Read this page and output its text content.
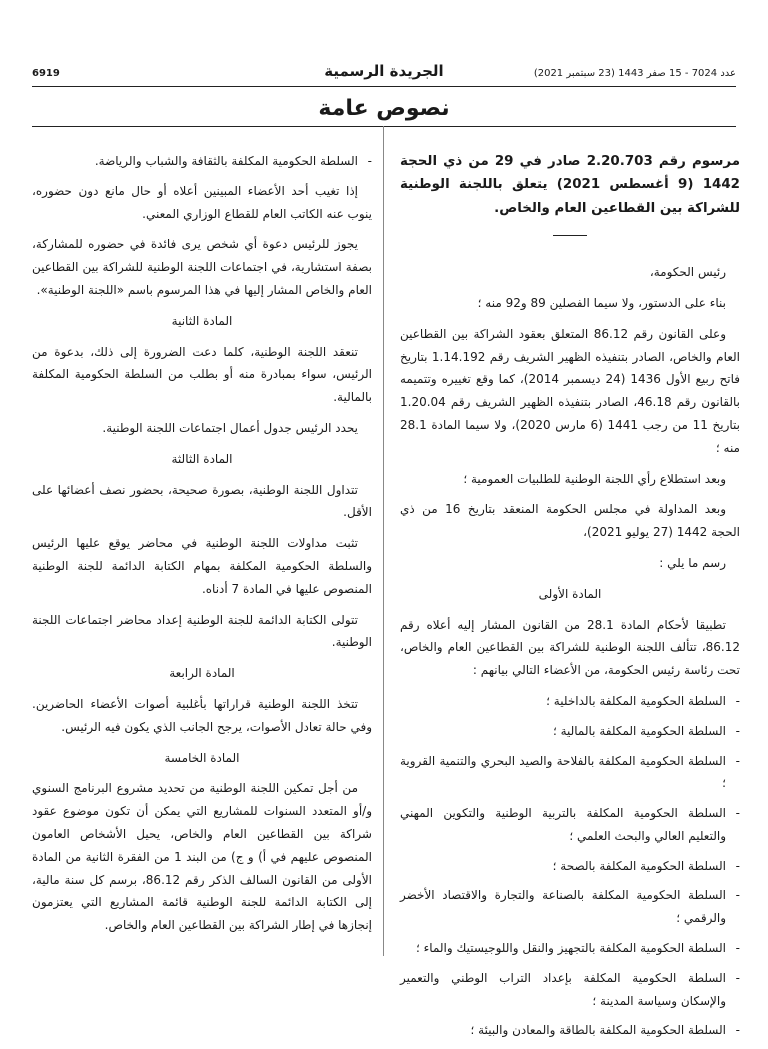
6919	الجريدة الرسمية	عدد 7024 - 15 صفر 1443 (23 سبتمبر 2021)
نصوص عامة

مرسوم رقم 2.20.703 صادر في 29 من ذي الحجة 1442 (9 أغسطس 2021) يتعلق باللجنة الوطنية للشراكة بين القطاعين العام والخاص.

رئيس الحكومة،

بناء على الدستور، ولا سيما الفصلين 89 و92 منه ؛

وعلى القانون رقم 86.12 المتعلق بعقود الشراكة بين القطاعين العام والخاص، الصادر بتنفيذه الظهير الشريف رقم 1.14.192 بتاريخ فاتح ربيع الأول 1436 (24 ديسمبر 2014)، كما وقع تغييره وتتميمه بالقانون رقم 46.18، الصادر بتنفيذه الظهير الشريف رقم 1.20.04 بتاريخ 11 من رجب 1441 (6 مارس 2020)، ولا سيما المادة 28.1 منه ؛

وبعد استطلاع رأي اللجنة الوطنية للطلبيات العمومية ؛

وبعد المداولة في مجلس الحكومة المنعقد بتاريخ 16 من ذي الحجة 1442 (27 يوليو 2021)،

رسم ما يلي :

المادة الأولى

تطبيقا لأحكام المادة 28.1 من القانون المشار إليه أعلاه رقم 86.12، تتألف اللجنة الوطنية للشراكة بين القطاعين العام والخاص، تحت رئاسة رئيس الحكومة، من الأعضاء التالي بيانهم :

-
السلطة الحكومية المكلفة بالداخلية ؛
-
السلطة الحكومية المكلفة بالمالية ؛
-
السلطة الحكومية المكلفة بالفلاحة والصيد البحري والتنمية القروية ؛
-
السلطة الحكومية المكلفة بالتربية الوطنية والتكوين المهني والتعليم العالي والبحث العلمي ؛
-
السلطة الحكومية المكلفة بالصحة ؛
-
السلطة الحكومية المكلفة بالصناعة والتجارة والاقتصاد الأخضر والرقمي ؛
-
السلطة الحكومية المكلفة بالتجهيز والنقل واللوجيستيك والماء ؛
-
السلطة الحكومية المكلفة بإعداد التراب الوطني والتعمير والإسكان وسياسة المدينة ؛
-
السلطة الحكومية المكلفة بالطاقة والمعادن والبيئة ؛
-
السلطة الحكومية المكلفة بالثقافة والشباب والرياضة.

إذا تغيب أحد الأعضاء المبينين أعلاه أو حال مانع دون حضوره، ينوب عنه الكاتب العام للقطاع الوزاري المعني.

يجوز للرئيس دعوة أي شخص يرى فائدة في حضوره للمشاركة، بصفة استشارية، في اجتماعات اللجنة الوطنية للشراكة بين القطاعين العام والخاص المشار إليها في هذا المرسوم باسم «اللجنة الوطنية».

المادة الثانية

تنعقد اللجنة الوطنية، كلما دعت الضرورة إلى ذلك، بدعوة من الرئيس، سواء بمبادرة منه أو بطلب من السلطة الحكومية المكلفة بالمالية.

يحدد الرئيس جدول أعمال اجتماعات اللجنة الوطنية.

المادة الثالثة

تتداول اللجنة الوطنية، بصورة صحيحة، بحضور نصف أعضائها على الأقل.

تثبت مداولات اللجنة الوطنية في محاضر يوقع عليها الرئيس والسلطة الحكومية المكلفة بمهام الكتابة الدائمة للجنة الوطنية المنصوص عليها في المادة 7 أدناه.

تتولى الكتابة الدائمة للجنة الوطنية إعداد محاضر اجتماعات اللجنة الوطنية.

المادة الرابعة

تتخذ اللجنة الوطنية قراراتها بأغلبية أصوات الأعضاء الحاضرين. وفي حالة تعادل الأصوات، يرجح الجانب الذي يكون فيه الرئيس.

المادة الخامسة

من أجل تمكين اللجنة الوطنية من تحديد مشروع البرنامج السنوي و/أو المتعدد السنوات للمشاريع التي يمكن أن تكون موضوع عقود شراكة بين القطاعين العام والخاص، يحيل الأشخاص العامون المنصوص عليهم في أ) و ج) من البند 1 من الفقرة الثانية من المادة الأولى من القانون السالف الذكر رقم 86.12، برسم كل سنة مالية، إلى الكتابة الدائمة للجنة الوطنية قائمة المشاريع التي يعتزمون إنجازها في إطار الشراكة بين القطاعين العام والخاص.
